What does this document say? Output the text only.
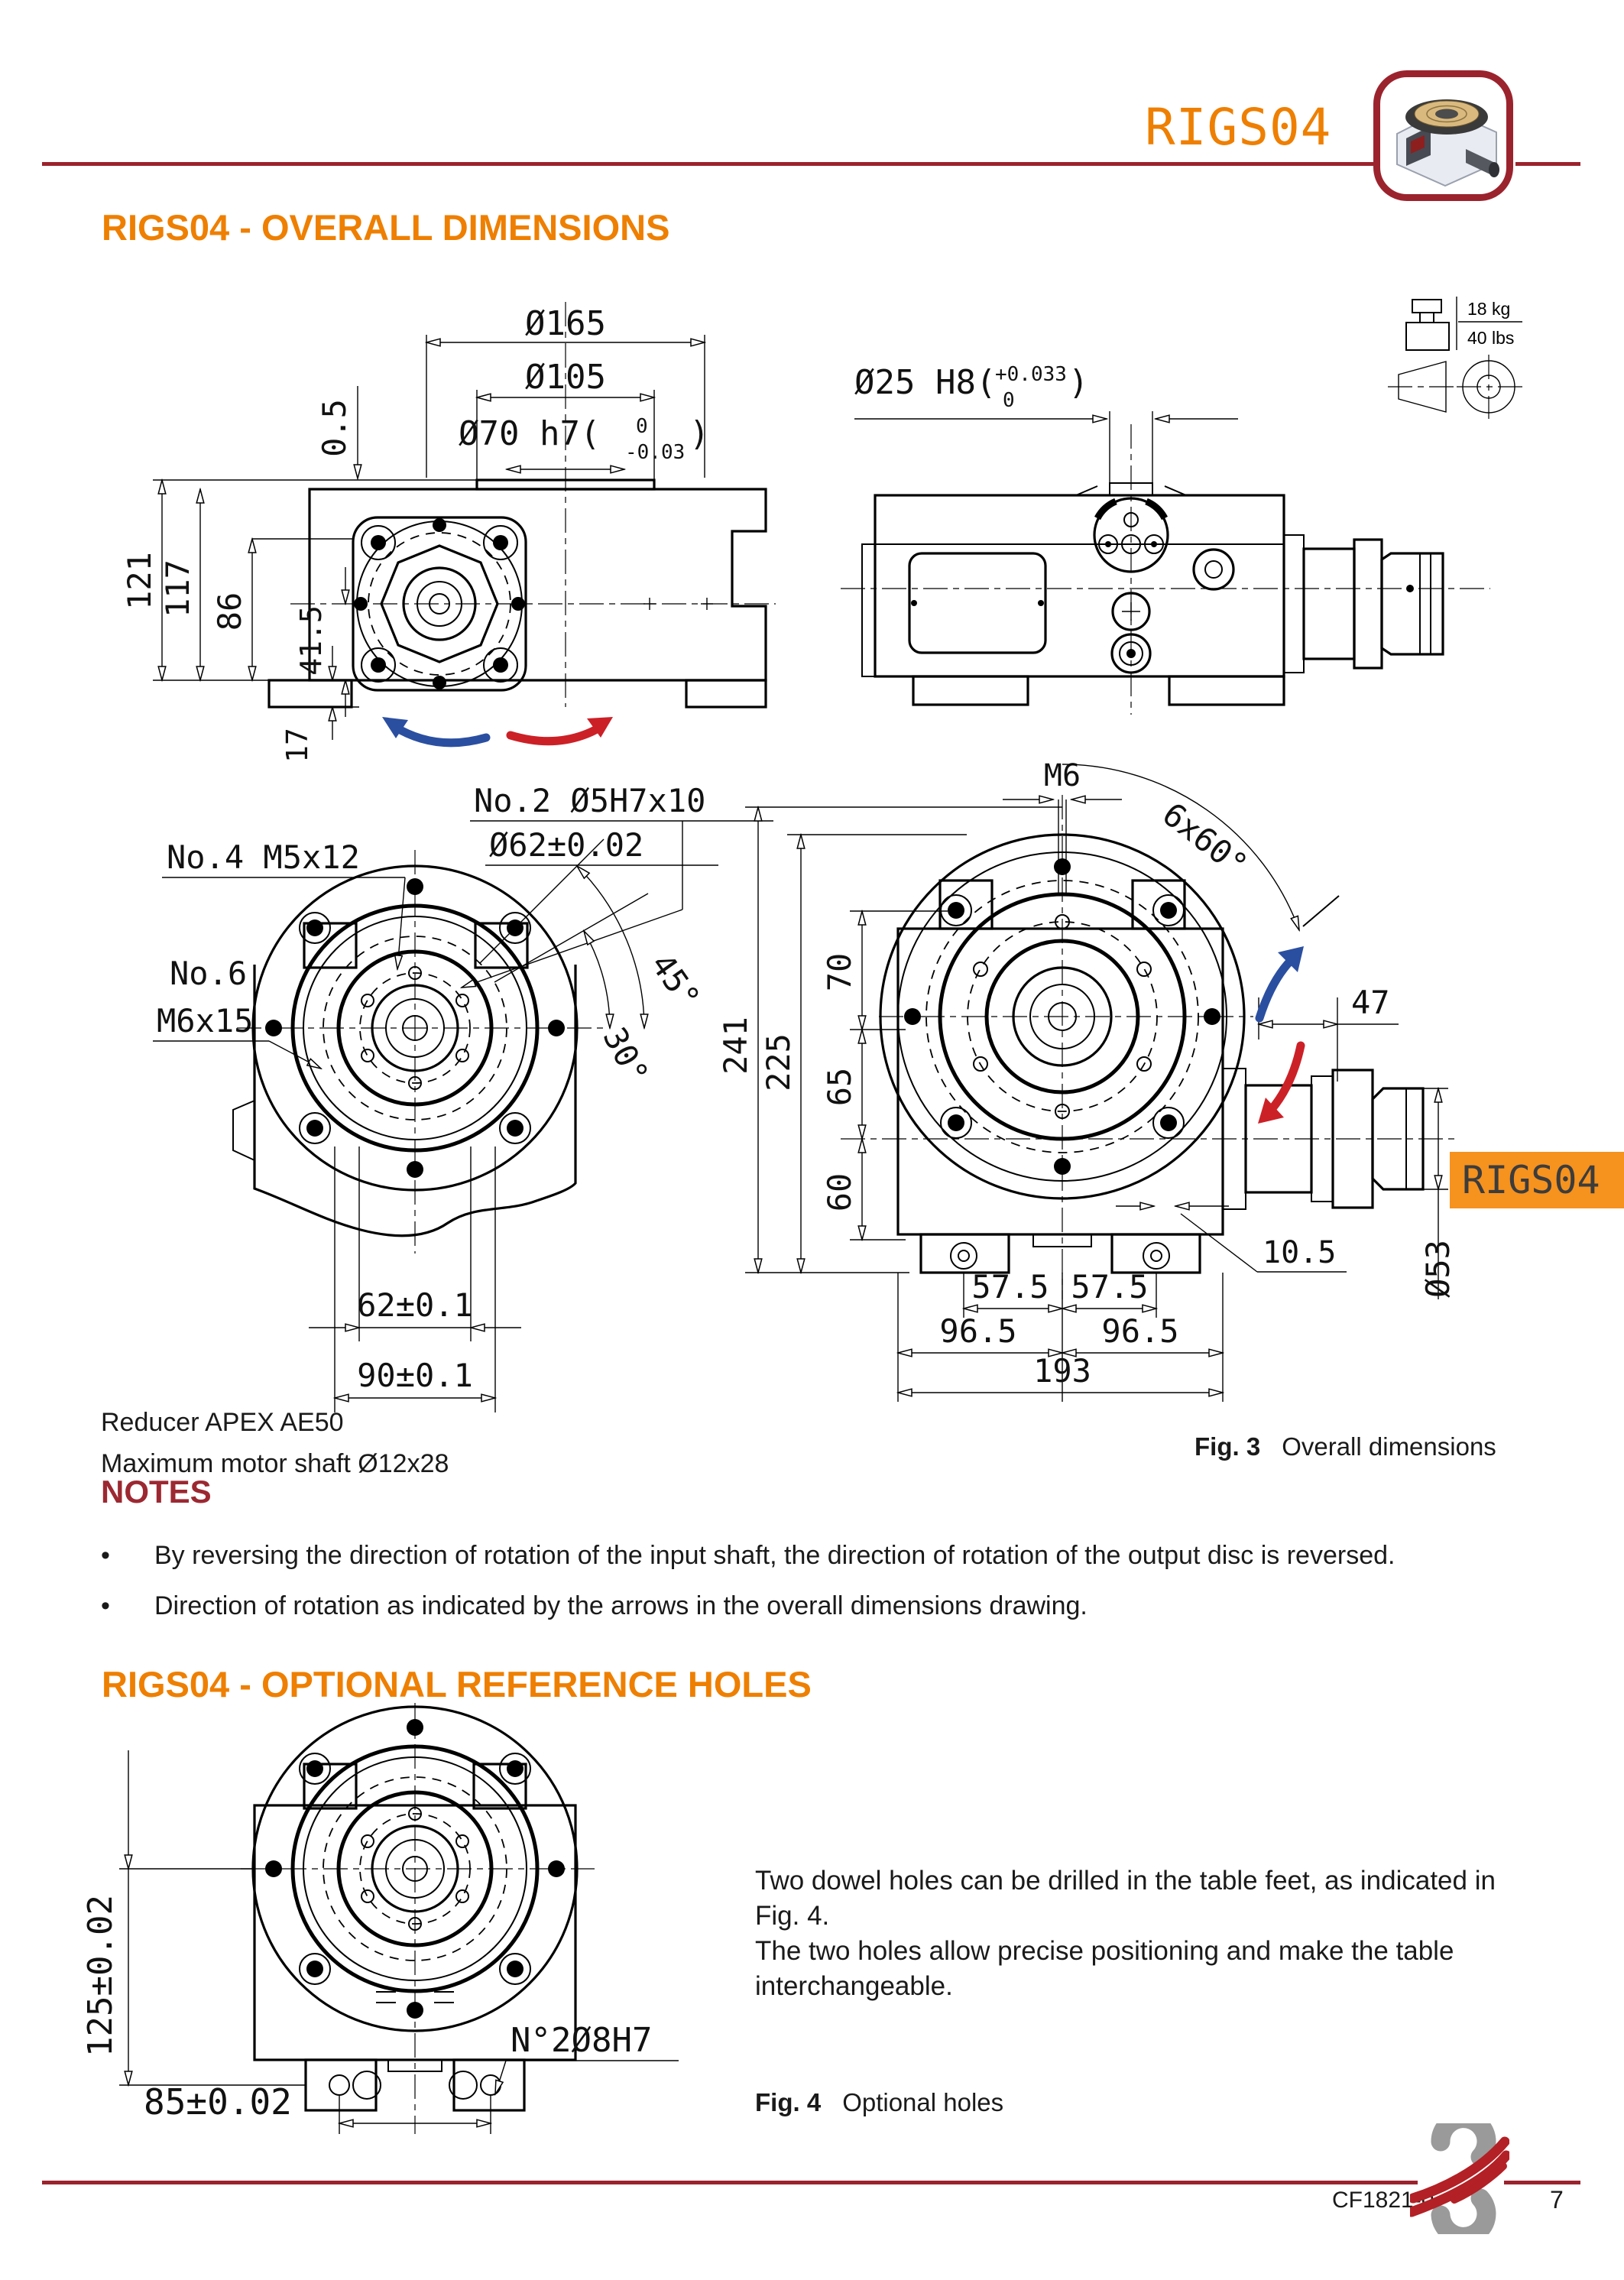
RIGS04
RIGS04 - OVERALL DIMENSIONS
Reducer APEX AE50
Maximum motor shaft Ø12x28
Fig. 3 Overall dimensions
NOTES
• By reversing the direction of rotation of the input shaft, the direction of rotation of the output disc is reversed.
• Direction of rotation as indicated by the arrows in the overall dimensions drawing.
RIGS04 - OPTIONAL REFERENCE HOLES

Two dowel holes can be drilled in the table feet, as indicated in Fig. 4.

The two holes allow precise positioning and make the table interchangeable.

Fig. 4 Optional holes
RIGS04
CF1821-0	7
Ø165
Ø105
Ø70 h7( 0
-0.03 )
0.5
121 117 86 41.5
17
Ø25 H8(
+0.033
0 )
18 kg
40 lbs
No.2 Ø5H7x10
Ø62±0.02
No.4 M5x12
No.6
M6x15
45°
30°
62±0.1
90±0.1
M6
6x60°
241 225
70
65
60
47
Ø53
10.5
57.5 57.5
96.5	96.5
193
125±0.02
85±0.02
N°2Ø8H7
